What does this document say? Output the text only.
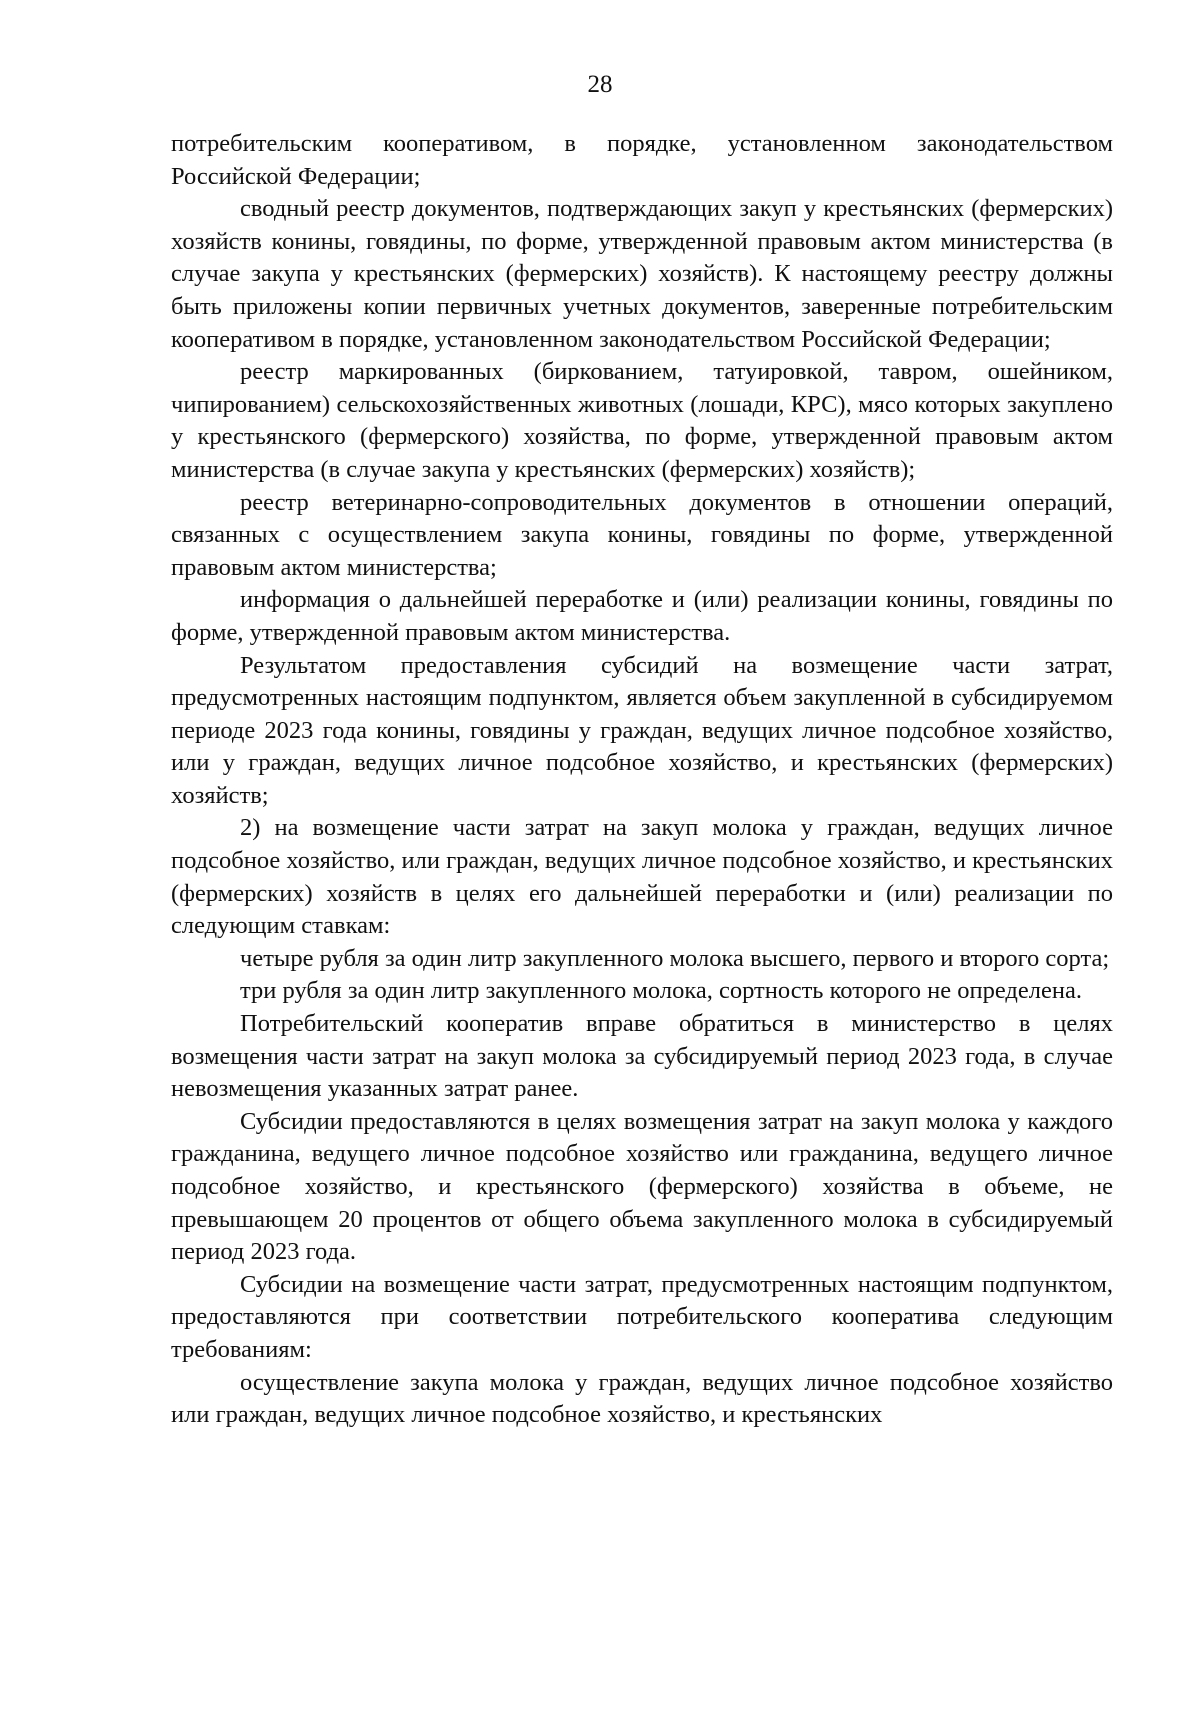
28

потребительским кооперативом, в порядке, установленном законодательством Российской Федерации;

сводный реестр документов, подтверждающих закуп у крестьянских (фермерских) хозяйств конины, говядины, по форме, утвержденной правовым актом министерства (в случае закупа у крестьянских (фермерских) хозяйств). К настоящему реестру должны быть приложены копии первичных учетных документов, заверенные потребительским кооперативом в порядке, установленном законодательством Российской Федерации;

реестр маркированных (биркованием, татуировкой, тавром, ошейником, чипированием) сельскохозяйственных животных (лошади, КРС), мясо которых закуплено у крестьянского (фермерского) хозяйства, по форме, утвержденной правовым актом министерства (в случае закупа у крестьянских (фермерских) хозяйств);

реестр ветеринарно-сопроводительных документов в отношении операций, связанных с осуществлением закупа конины, говядины по форме, утвержденной правовым актом министерства;

информация о дальнейшей переработке и (или) реализации конины, говядины по форме, утвержденной правовым актом министерства.

Результатом предоставления субсидий на возмещение части затрат, предусмотренных настоящим подпунктом, является объем закупленной в субсидируемом периоде 2023 года конины, говядины у граждан, ведущих личное подсобное хозяйство, или у граждан, ведущих личное подсобное хозяйство, и крестьянских (фермерских) хозяйств;

2) на возмещение части затрат на закуп молока у граждан, ведущих личное подсобное хозяйство, или граждан, ведущих личное подсобное хозяйство, и крестьянских (фермерских) хозяйств в целях его дальнейшей переработки и (или) реализации по следующим ставкам:

четыре рубля за один литр закупленного молока высшего, первого и второго сорта;

три рубля за один литр закупленного молока, сортность которого не определена.

Потребительский кооператив вправе обратиться в министерство в целях возмещения части затрат на закуп молока за субсидируемый период 2023 года, в случае невозмещения указанных затрат ранее.

Субсидии предоставляются в целях возмещения затрат на закуп молока у каждого гражданина, ведущего личное подсобное хозяйство или гражданина, ведущего личное подсобное хозяйство, и крестьянского (фермерского) хозяйства в объеме, не превышающем 20 процентов от общего объема закупленного молока в субсидируемый период 2023 года.

Субсидии на возмещение части затрат, предусмотренных настоящим подпунктом, предоставляются при соответствии потребительского кооператива следующим требованиям:

осуществление закупа молока у граждан, ведущих личное подсобное хозяйство или граждан, ведущих личное подсобное хозяйство, и крестьянских
